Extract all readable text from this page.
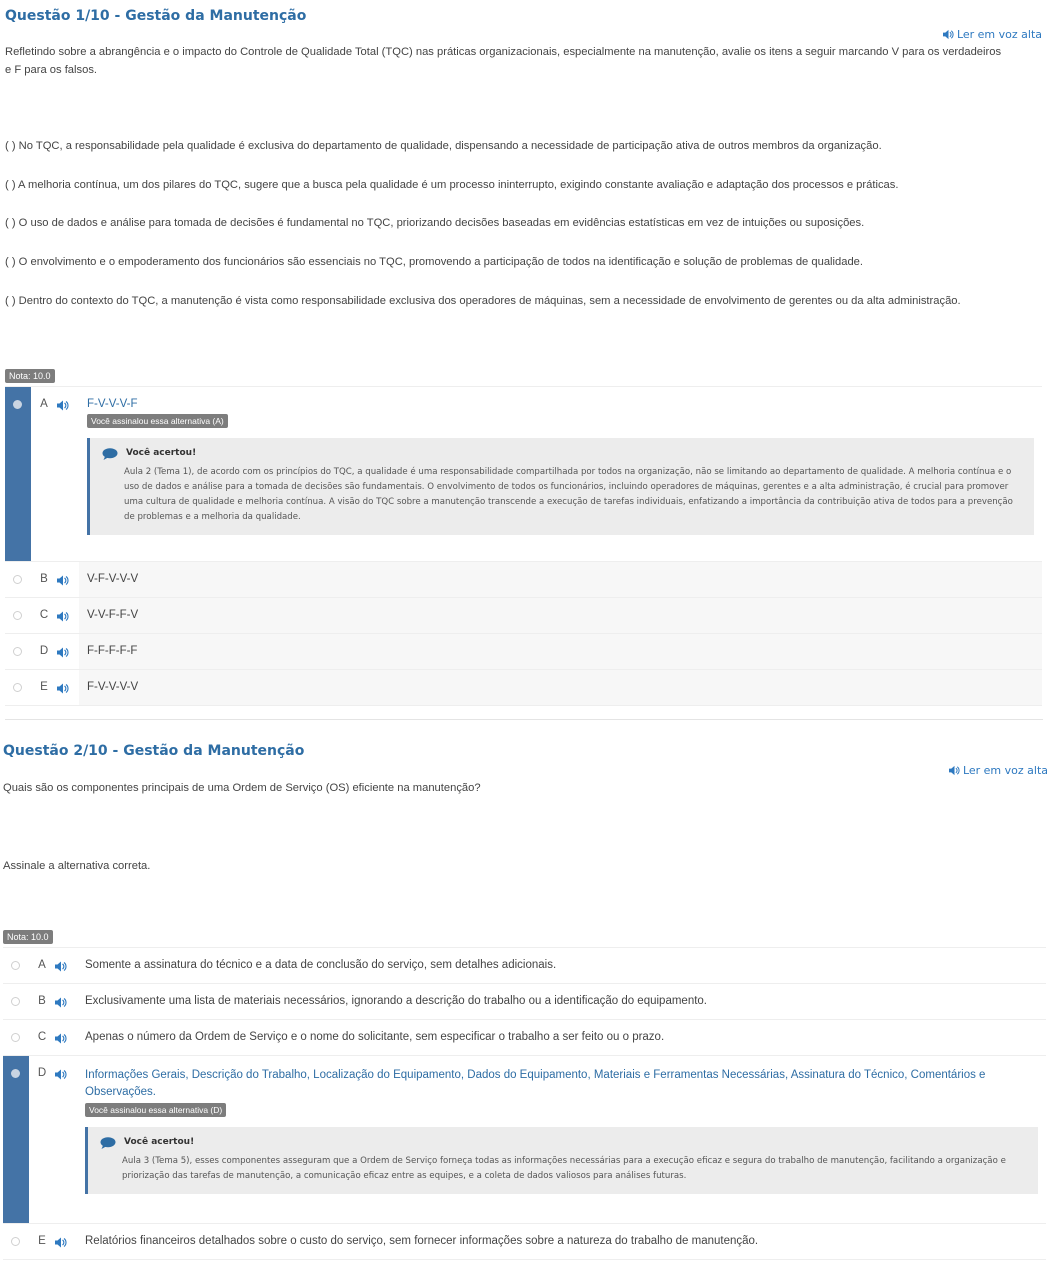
Questão 1/10 - Gestão da Manutenção
Ler em voz alta

Refletindo sobre a abrangência e o impacto do Controle de Qualidade Total (TQC) nas práticas organizacionais, especialmente na manutenção, avalie os itens a seguir marcando V para os verdadeiros e F para os falsos.

( ) No TQC, a responsabilidade pela qualidade é exclusiva do departamento de qualidade, dispensando a necessidade de participação ativa de outros membros da organização.

( ) A melhoria contínua, um dos pilares do TQC, sugere que a busca pela qualidade é um processo ininterrupto, exigindo constante avaliação e adaptação dos processos e práticas.

( ) O uso de dados e análise para tomada de decisões é fundamental no TQC, priorizando decisões baseadas em evidências estatísticas em vez de intuições ou suposições.

( ) O envolvimento e o empoderamento dos funcionários são essenciais no TQC, promovendo a participação de todos na identificação e solução de problemas de qualidade.

( ) Dentro do contexto do TQC, a manutenção é vista como responsabilidade exclusiva dos operadores de máquinas, sem a necessidade de envolvimento de gerentes ou da alta administração.

Nota: 10.0
A	F-V-V-V-F
Você assinalou essa alternativa (A)
Você acertou!
Aula 2 (Tema 1), de acordo com os princípios do TQC, a qualidade é uma responsabilidade compartilhada por todos na organização, não se limitando ao departamento de qualidade. A melhoria contínua e o uso de dados e análise para a tomada de decisões são fundamentais. O envolvimento de todos os funcionários, incluindo operadores de máquinas, gerentes e a alta administração, é crucial para promover uma cultura de qualidade e melhoria contínua. A visão do TQC sobre a manutenção transcende a execução de tarefas individuais, enfatizando a importância da contribuição ativa de todos para a prevenção de problemas e a melhoria da qualidade.
B	V-F-V-V-V
C	V-V-F-F-V
D	F-F-F-F-F
E	F-V-V-V-V
Questão 2/10 - Gestão da Manutenção
Ler em voz alta

Quais são os componentes principais de uma Ordem de Serviço (OS) eficiente na manutenção?

Assinale a alternativa correta.

Nota: 10.0
A	Somente a assinatura do técnico e a data de conclusão do serviço, sem detalhes adicionais.
B	Exclusivamente uma lista de materiais necessários, ignorando a descrição do trabalho ou a identificação do equipamento.
C	Apenas o número da Ordem de Serviço e o nome do solicitante, sem especificar o trabalho a ser feito ou o prazo.
D	Informações Gerais, Descrição do Trabalho, Localização do Equipamento, Dados do Equipamento, Materiais e Ferramentas Necessárias, Assinatura do Técnico, Comentários e Observações.
Você assinalou essa alternativa (D)
Você acertou!
Aula 3 (Tema 5), esses componentes asseguram que a Ordem de Serviço forneça todas as informações necessárias para a execução eficaz e segura do trabalho de manutenção, facilitando a organização e priorização das tarefas de manutenção, a comunicação eficaz entre as equipes, e a coleta de dados valiosos para análises futuras.
E	Relatórios financeiros detalhados sobre o custo do serviço, sem fornecer informações sobre a natureza do trabalho de manutenção.
